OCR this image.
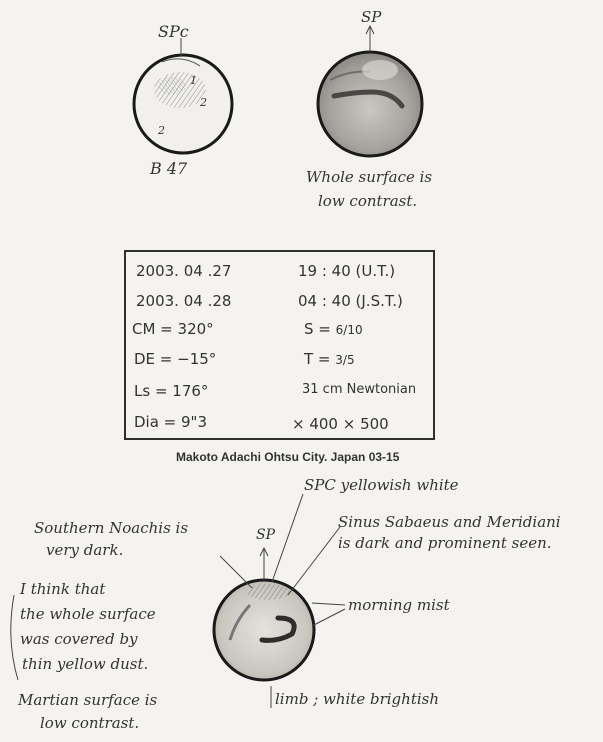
SPc
B 47
1
2
2
SP
Whole surface is
low contrast.
2003. 04 .27	19 : 40 (U.T.)
2003. 04 .28	04 : 40 (J.S.T.)
CM = 320°	S = 6/10
DE = −15°	T = 3/5
Ls = 176°	31 cm Newtonian
Dia = 9"3	× 400 × 500
Makoto Adachi Ohtsu City. Japan 03-15
SP
SPC yellowish white
Southern Noachis is
very dark.
Sinus Sabaeus and Meridiani
is dark and prominent seen.
morning mist
I think that
the whole surface
was covered by
thin yellow dust.
limb ; white brightish
Martian surface is
low contrast.
